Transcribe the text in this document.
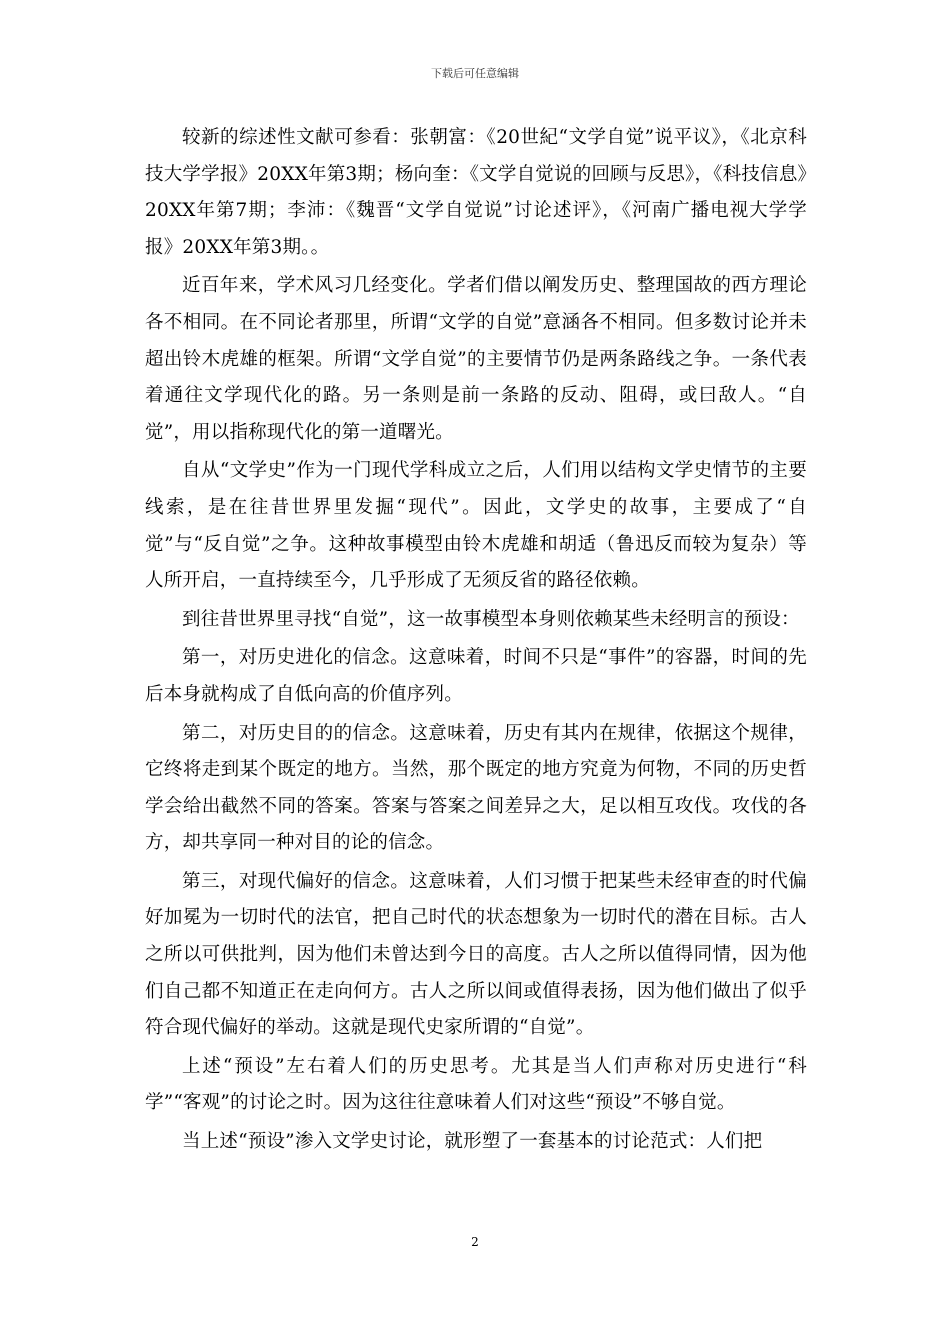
下载后可任意编辑

较新的综述性文献可参看：张朝富：《20世紀“文学自觉”说平议》，《北京科技大学学报》20XX年第3期；杨向奎：《文学自觉说的回顾与反思》，《科技信息》20XX年第7期；李沛：《魏晋“文学自觉说”讨论述评》，《河南广播电视大学学报》20XX年第3期。。

近百年来，学术风习几经变化。学者们借以阐发历史、整理国故的西方理论各不相同。在不同论者那里，所谓“文学的自觉”意涵各不相同。但多数讨论并未超出铃木虎雄的框架。所谓“文学自觉”的主要情节仍是两条路线之争。一条代表着通往文学现代化的路。另一条则是前一条路的反动、阻碍，或曰敌人。“自觉”，用以指称现代化的第一道曙光。

自从“文学史”作为一门现代学科成立之后，人们用以结构文学史情节的主要线索，是在往昔世界里发掘“现代”。因此，文学史的故事，主要成了“自觉”与“反自觉”之争。这种故事模型由铃木虎雄和胡适（鲁迅反而较为复杂）等人所开启，一直持续至今，几乎形成了无须反省的路径依赖。

到往昔世界里寻找“自觉”，这一故事模型本身则依赖某些未经明言的预设：

第一，对历史进化的信念。这意味着，时间不只是“事件”的容器，时间的先后本身就构成了自低向高的价值序列。

第二，对历史目的的信念。这意味着，历史有其内在规律，依据这个规律，它终将走到某个既定的地方。当然，那个既定的地方究竟为何物，不同的历史哲学会给出截然不同的答案。答案与答案之间差异之大，足以相互攻伐。攻伐的各方，却共享同一种对目的论的信念。

第三，对现代偏好的信念。这意味着，人们习惯于把某些未经审查的时代偏好加冕为一切时代的法官，把自己时代的状态想象为一切时代的潜在目标。古人之所以可供批判，因为他们未曾达到今日的高度。古人之所以值得同情，因为他们自己都不知道正在走向何方。古人之所以间或值得表扬，因为他们做出了似乎符合现代偏好的举动。这就是现代史家所谓的“自觉”。

上述“预设”左右着人们的历史思考。尤其是当人们声称对历史进行“科学”“客观”的讨论之时。因为这往往意味着人们对这些“预设”不够自觉。

当上述“预设”渗入文学史讨论，就形塑了一套基本的讨论范式：人们把

2
